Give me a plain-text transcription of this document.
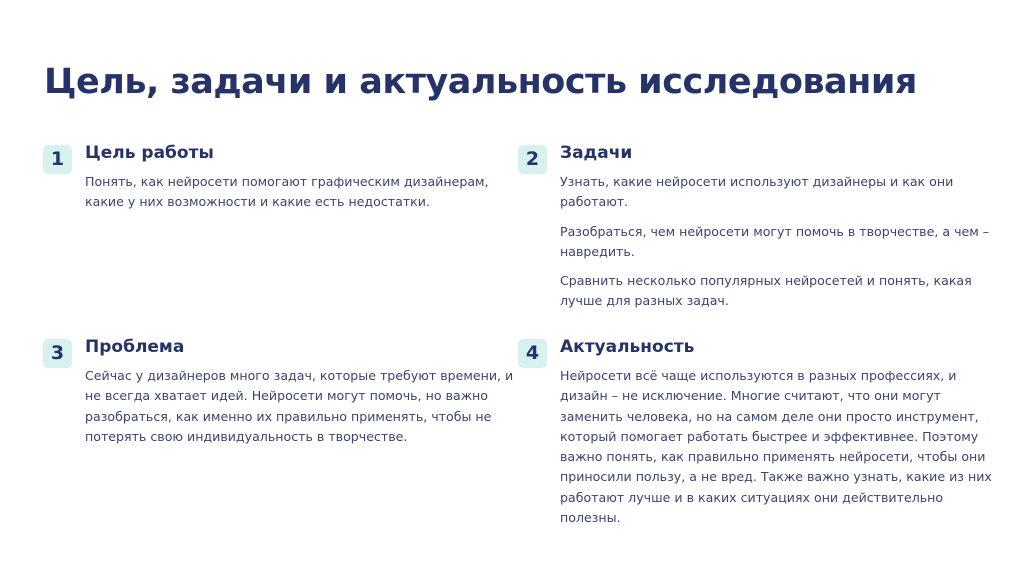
Цель, задачи и актуальность исследования
1	Цель работы

Понять, как нейросети помогают графическим дизайнерам, какие у них возможности и какие есть недостатки.

2	Задачи

Узнать, какие нейросети используют дизайнеры и как они работают.

Разобраться, чем нейросети могут помочь в творчестве, а чем – навредить.

Сравнить несколько популярных нейросетей и понять, какая лучше для разных задач.

3	Проблема

Сейчас у дизайнеров много задач, которые требуют времени, и не всегда хватает идей. Нейросети могут помочь, но важно разобраться, как именно их правильно применять, чтобы не потерять свою индивидуальность в творчестве.

4	Актуальность

Нейросети всё чаще используются в разных профессиях, и дизайн – не исключение. Многие считают, что они могут заменить человека, но на самом деле они просто инструмент, который помогает работать быстрее и эффективнее. Поэтому важно понять, как правильно применять нейросети, чтобы они приносили пользу, а не вред. Также важно узнать, какие из них работают лучше и в каких ситуациях они действительно полезны.
